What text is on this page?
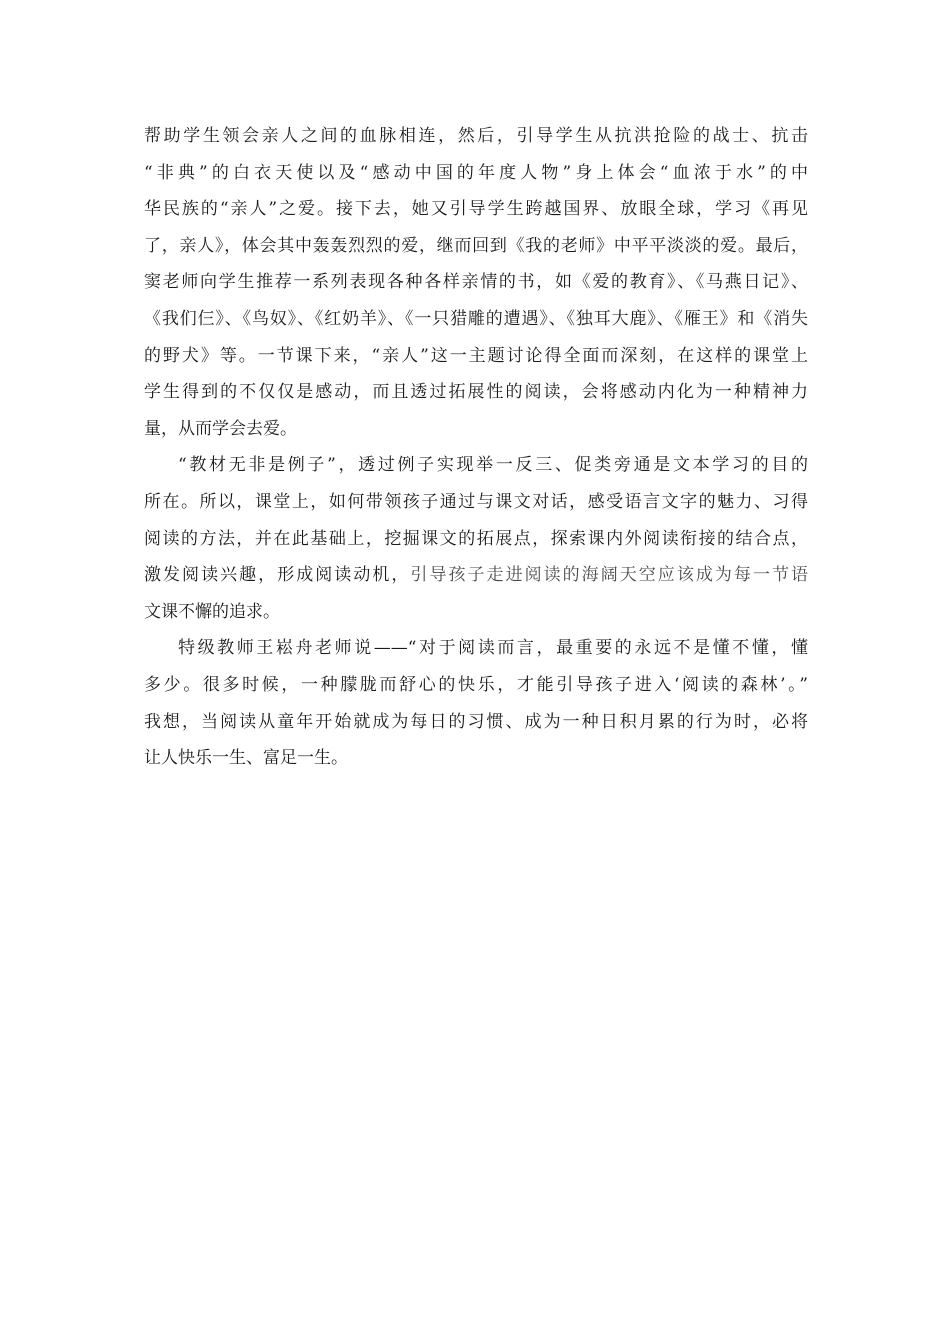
帮助学生领会亲人之间的血脉相连，然后，引导学生从抗洪抢险的战士、抗击
“非典”的白衣天使以及“感动中国的年度人物”身上体会“血浓于水”的中
华民族的“亲人”之爱。接下去，她又引导学生跨越国界、放眼全球，学习《再见
了，亲人》，体会其中轰轰烈烈的爱，继而回到《我的老师》中平平淡淡的爱。最后，
窦老师向学生推荐一系列表现各种各样亲情的书，如《爱的教育》、《马燕日记》、
《我们仨》、《鸟奴》、《红奶羊》、《一只猎雕的遭遇》、《独耳大鹿》、《雁王》和《消失
的野犬》等。一节课下来，“亲人”这一主题讨论得全面而深刻，在这样的课堂上
学生得到的不仅仅是感动，而且透过拓展性的阅读，会将感动内化为一种精神力
量，从而学会去爱。
“教材无非是例子”，透过例子实现举一反三、促类旁通是文本学习的目的
所在。所以，课堂上，如何带领孩子通过与课文对话，感受语言文字的魅力、习得
阅读的方法，并在此基础上，挖掘课文的拓展点，探索课内外阅读衔接的结合点，
激发阅读兴趣，形成阅读动机，引导孩子走进阅读的海阔天空应该成为每一节语
文课不懈的追求。
特级教师王崧舟老师说——“对于阅读而言，最重要的永远不是懂不懂，懂
多少。很多时候，一种朦胧而舒心的快乐，才能引导孩子进入‘阅读的森林’。”
我想，当阅读从童年开始就成为每日的习惯、成为一种日积月累的行为时，必将
让人快乐一生、富足一生。
